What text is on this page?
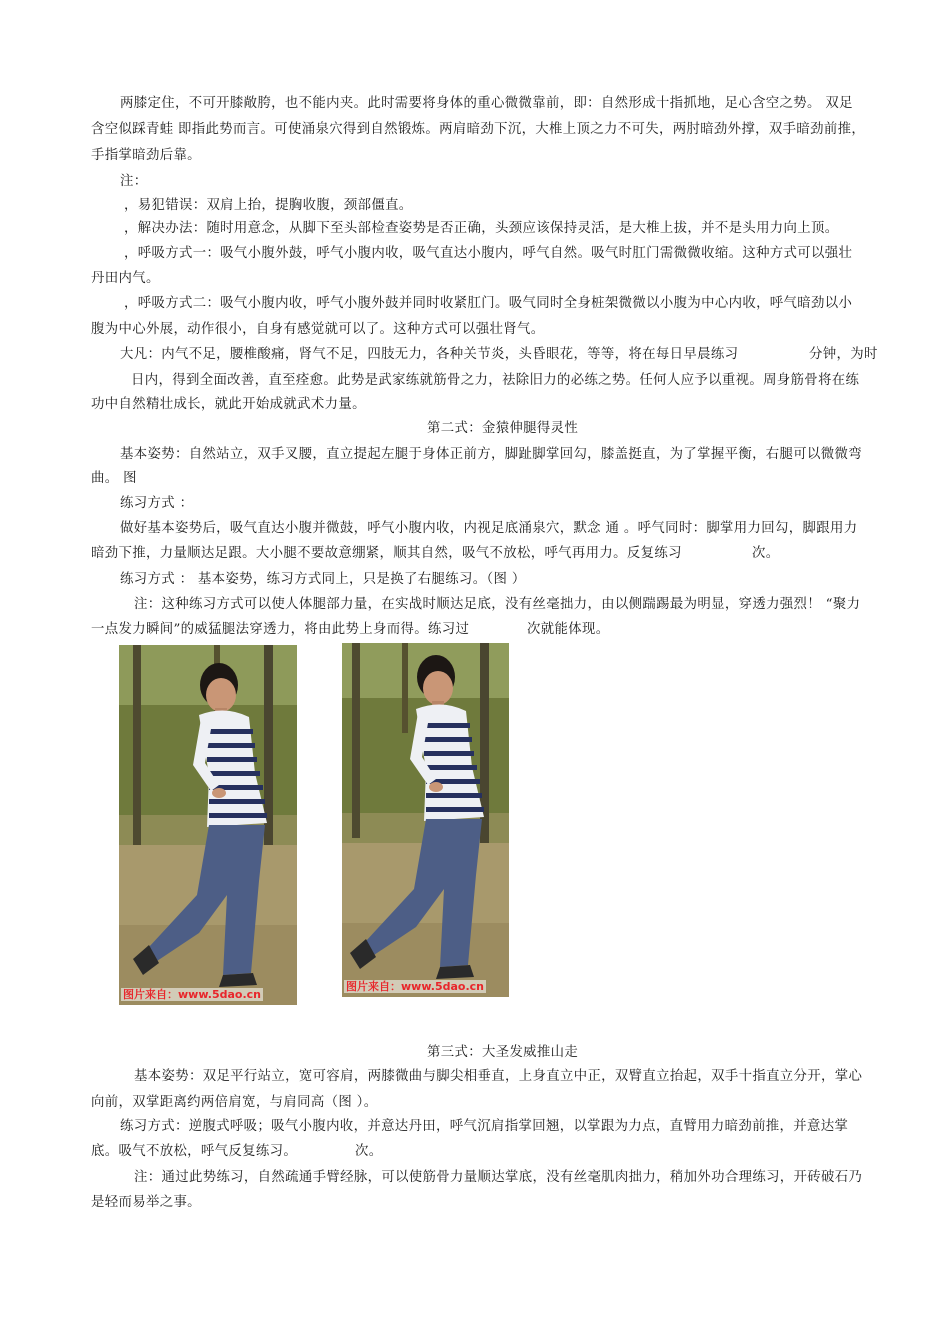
两膝定住，不可开膝敞胯，也不能内夹。此时需要将身体的重心微微靠前，即：自然形成十指抓地，足心含空之势。 双足
含空似踩青蛙 即指此势而言。可使涌泉穴得到自然锻炼。两肩暗劲下沉，大椎上顶之力不可失，两肘暗劲外撑，双手暗劲前推，
手指掌暗劲后靠。
注：
，易犯错误：双肩上抬，提胸收腹，颈部僵直。
，解决办法：随时用意念，从脚下至头部检查姿势是否正确，头颈应该保持灵活，是大椎上拔，并不是头用力向上顶。
，呼吸方式一：吸气小腹外鼓，呼气小腹内收，吸气直达小腹内，呼气自然。吸气时肛门需微微收缩。这种方式可以强壮
丹田内气。
，呼吸方式二：吸气小腹内收，呼气小腹外鼓并同时收紧肛门。吸气同时全身桩架微微以小腹为中心内收，呼气暗劲以小
腹为中心外展，动作很小，自身有感觉就可以了。这种方式可以强壮肾气。
大凡：内气不足，腰椎酸痛，肾气不足，四肢无力，各种关节炎，头昏眼花，等等，将在每日早晨练习	分钟，为时
日内，得到全面改善，直至痊愈。此势是武家练就筋骨之力，祛除旧力的必练之势。任何人应予以重视。周身筋骨将在练
功中自然精壮成长，就此开始成就武术力量。
第二式：金猿伸腿得灵性
基本姿势：自然站立，双手叉腰，直立提起左腿于身体正前方，脚趾脚掌回勾，膝盖挺直，为了掌握平衡，右腿可以微微弯
曲。 图
练习方式 ：
做好基本姿势后，吸气直达小腹并微鼓，呼气小腹内收，内视足底涌泉穴，默念 通 。呼气同时：脚掌用力回勾，脚跟用力
暗劲下推，力量顺达足跟。大小腿不要故意绷紧，顺其自然，吸气不放松，呼气再用力。反复练习	次。
练习方式 ： 基本姿势，练习方式同上，只是换了右腿练习。（图 ）
注：这种练习方式可以使人体腿部力量，在实战时顺达足底，没有丝毫拙力，由以侧踹踢最为明显，穿透力强烈！ “聚力
一点发力瞬间”的威猛腿法穿透力，将由此势上身而得。练习过	次就能体现。
图片来自：www.5dao.cn
图片来自：www.5dao.cn
第三式：大圣发威推山走
基本姿势：双足平行站立，宽可容肩，两膝微曲与脚尖相垂直，上身直立中正，双臂直立抬起，双手十指直立分开，掌心
向前，双掌距离约两倍肩宽，与肩同高（图 ）。
练习方式：逆腹式呼吸；吸气小腹内收，并意达丹田，呼气沉肩指掌回翘，以掌跟为力点，直臂用力暗劲前推，并意达掌
底。吸气不放松，呼气反复练习。	次。
注：通过此势练习，自然疏通手臂经脉，可以使筋骨力量顺达掌底，没有丝毫肌肉拙力，稍加外功合理练习，开砖破石乃
是轻而易举之事。
